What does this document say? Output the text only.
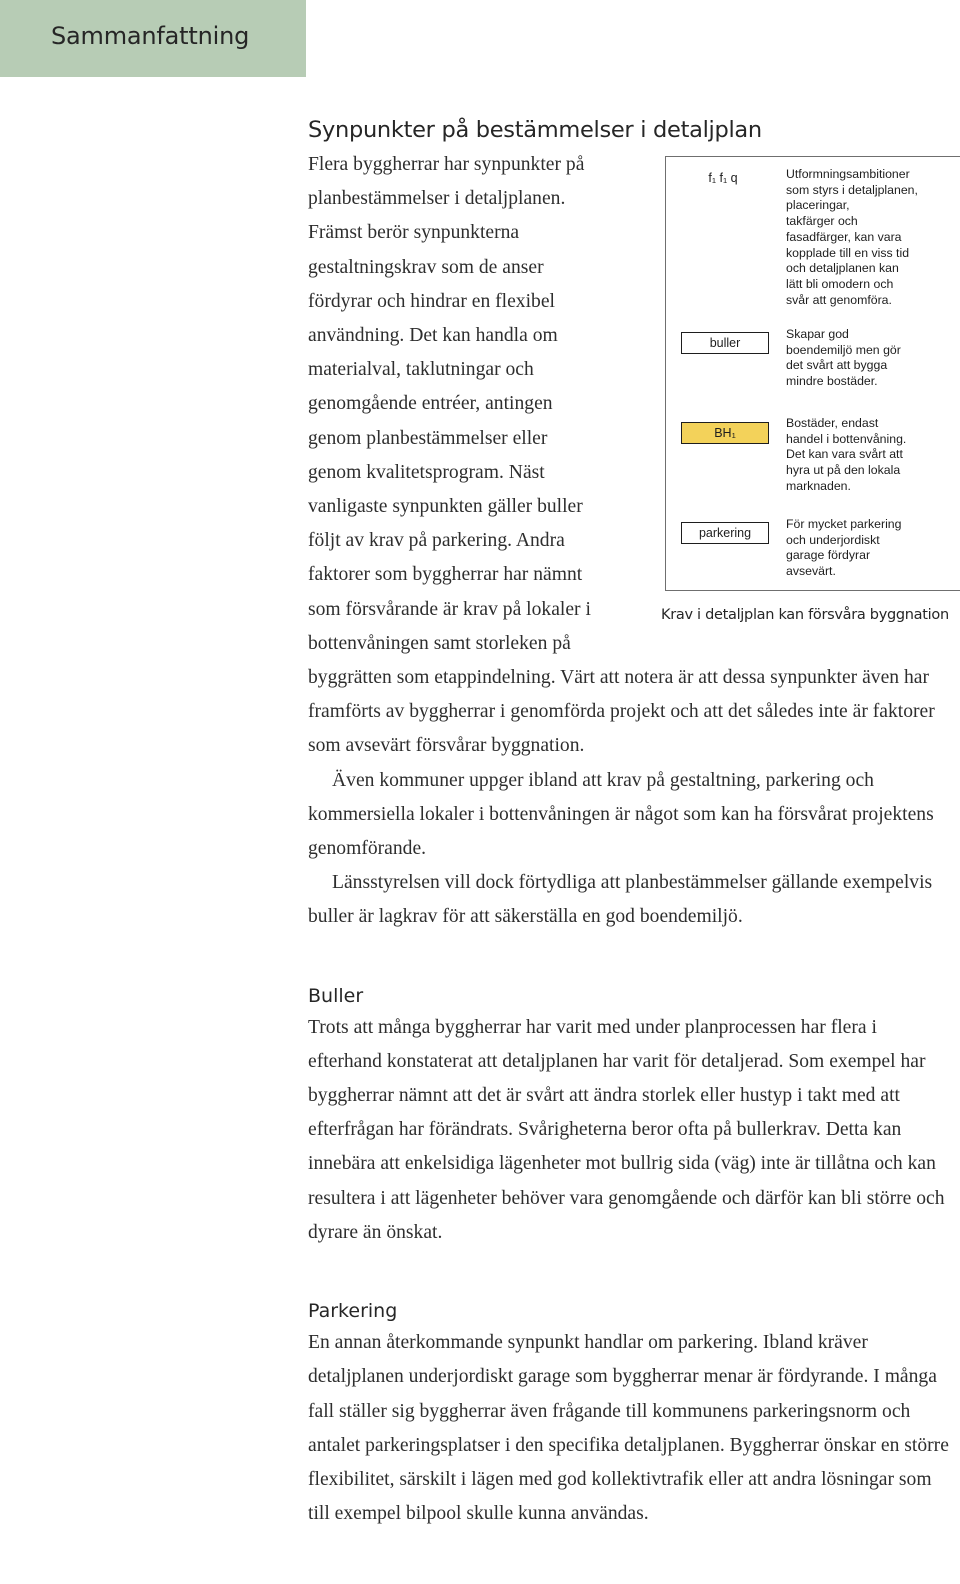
Sammanfattning
Synpunkter på bestämmelser i detaljplan
f₁ f₁ q	Utformningsambitioner
som styrs i detaljplanen,
placeringar,
takfärger och
fasadfärger, kan vara
kopplade till en viss tid
och detaljplanen kan
lätt bli omodern och
svår att genomföra.
buller
Skapar god
boendemiljö men gör
det svårt att bygga
mindre bostäder.
BH₁
Bostäder, endast
handel i bottenvåning.
Det kan vara svårt att
hyra ut på den lokala
marknaden.
parkering
För mycket parkering
och underjordiskt
garage fördyrar
avsevärt.
Krav i detaljplan kan försvåra byggnation

Flera byggherrar har synpunkter på
planbestämmelser i detaljplanen.
Främst berör synpunkterna
gestaltningskrav som de anser
fördyrar och hindrar en flexibel
användning. Det kan handla om
materialval, taklutningar och
genomgående entréer, antingen
genom planbestämmelser eller
genom kvalitetsprogram. Näst
vanligaste synpunkten gäller buller
följt av krav på parkering. Andra
faktorer som byggherrar har nämnt
som försvårande är krav på lokaler i
bottenvåningen samt storleken på
byggrätten som etappindelning. Värt att notera är att dessa synpunkter även har framförts av byggherrar i genomförda projekt och att det således inte är faktorer som avsevärt försvårar byggnation.

Även kommuner uppger ibland att krav på gestaltning, parkering och kommersiella lokaler i bottenvåningen är något som kan ha försvårat projektens genomförande.

Länsstyrelsen vill dock förtydliga att planbestämmelser gällande exempelvis buller är lagkrav för att säkerställa en god boendemiljö.

Buller

Trots att många byggherrar har varit med under planprocessen har flera i efterhand konstaterat att detaljplanen har varit för detaljerad. Som exempel har byggherrar nämnt att det är svårt att ändra storlek eller hustyp i takt med att efterfrågan har förändrats. Svårigheterna beror ofta på bullerkrav. Detta kan innebära att enkelsidiga lägenheter mot bullrig sida (väg) inte är tillåtna och kan resultera i att lägenheter behöver vara genomgående och därför kan bli större och dyrare än önskat.

Parkering

En annan återkommande synpunkt handlar om parkering. Ibland kräver detaljplanen underjordiskt garage som byggherrar menar är fördyrande. I många fall ställer sig byggherrar även frågande till kommunens parkeringsnorm och antalet parkeringsplatser i den specifika detaljplanen. Byggherrar önskar en större flexibilitet, särskilt i lägen med god kollektivtrafik eller att andra lösningar som till exempel bilpool skulle kunna användas.
